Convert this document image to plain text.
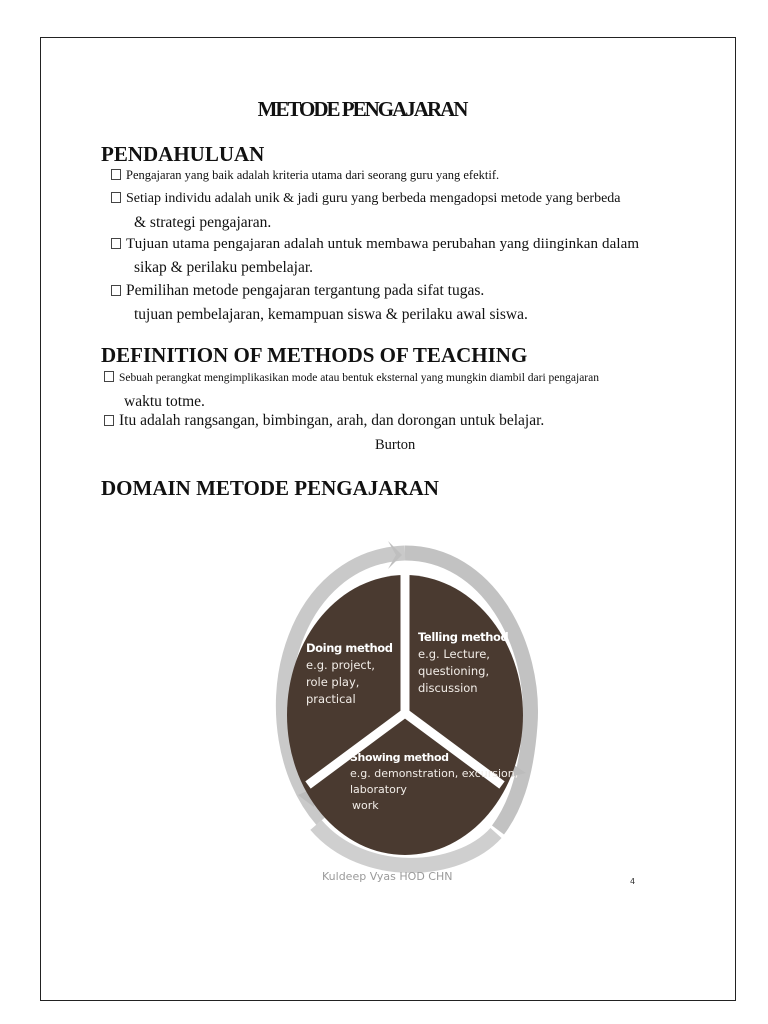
METODE PENGAJARAN
PENDAHULUAN
Pengajaran yang baik adalah kriteria utama dari seorang guru yang efektif.
Setiap individu adalah unik & jadi guru yang berbeda mengadopsi metode yang berbeda
& strategi pengajaran.
Tujuan utama pengajaran adalah untuk membawa perubahan yang diinginkan dalam
sikap & perilaku pembelajar.
Pemilihan metode pengajaran tergantung pada sifat tugas.
tujuan pembelajaran, kemampuan siswa & perilaku awal siswa.
DEFINITION OF METHODS OF TEACHING
Sebuah perangkat mengimplikasikan mode atau bentuk eksternal yang mungkin diambil dari pengajaran
waktu totme.
Itu adalah rangsangan, bimbingan, arah, dan dorongan untuk belajar.
Burton
DOMAIN METODE PENGAJARAN
Doing method
e.g. project,
role play,
practical
Telling method
e.g. Lecture,
questioning,
discussion
Showing method
e.g. demonstration, excursion,
laboratory
work
Kuldeep Vyas HOD CHN	4
